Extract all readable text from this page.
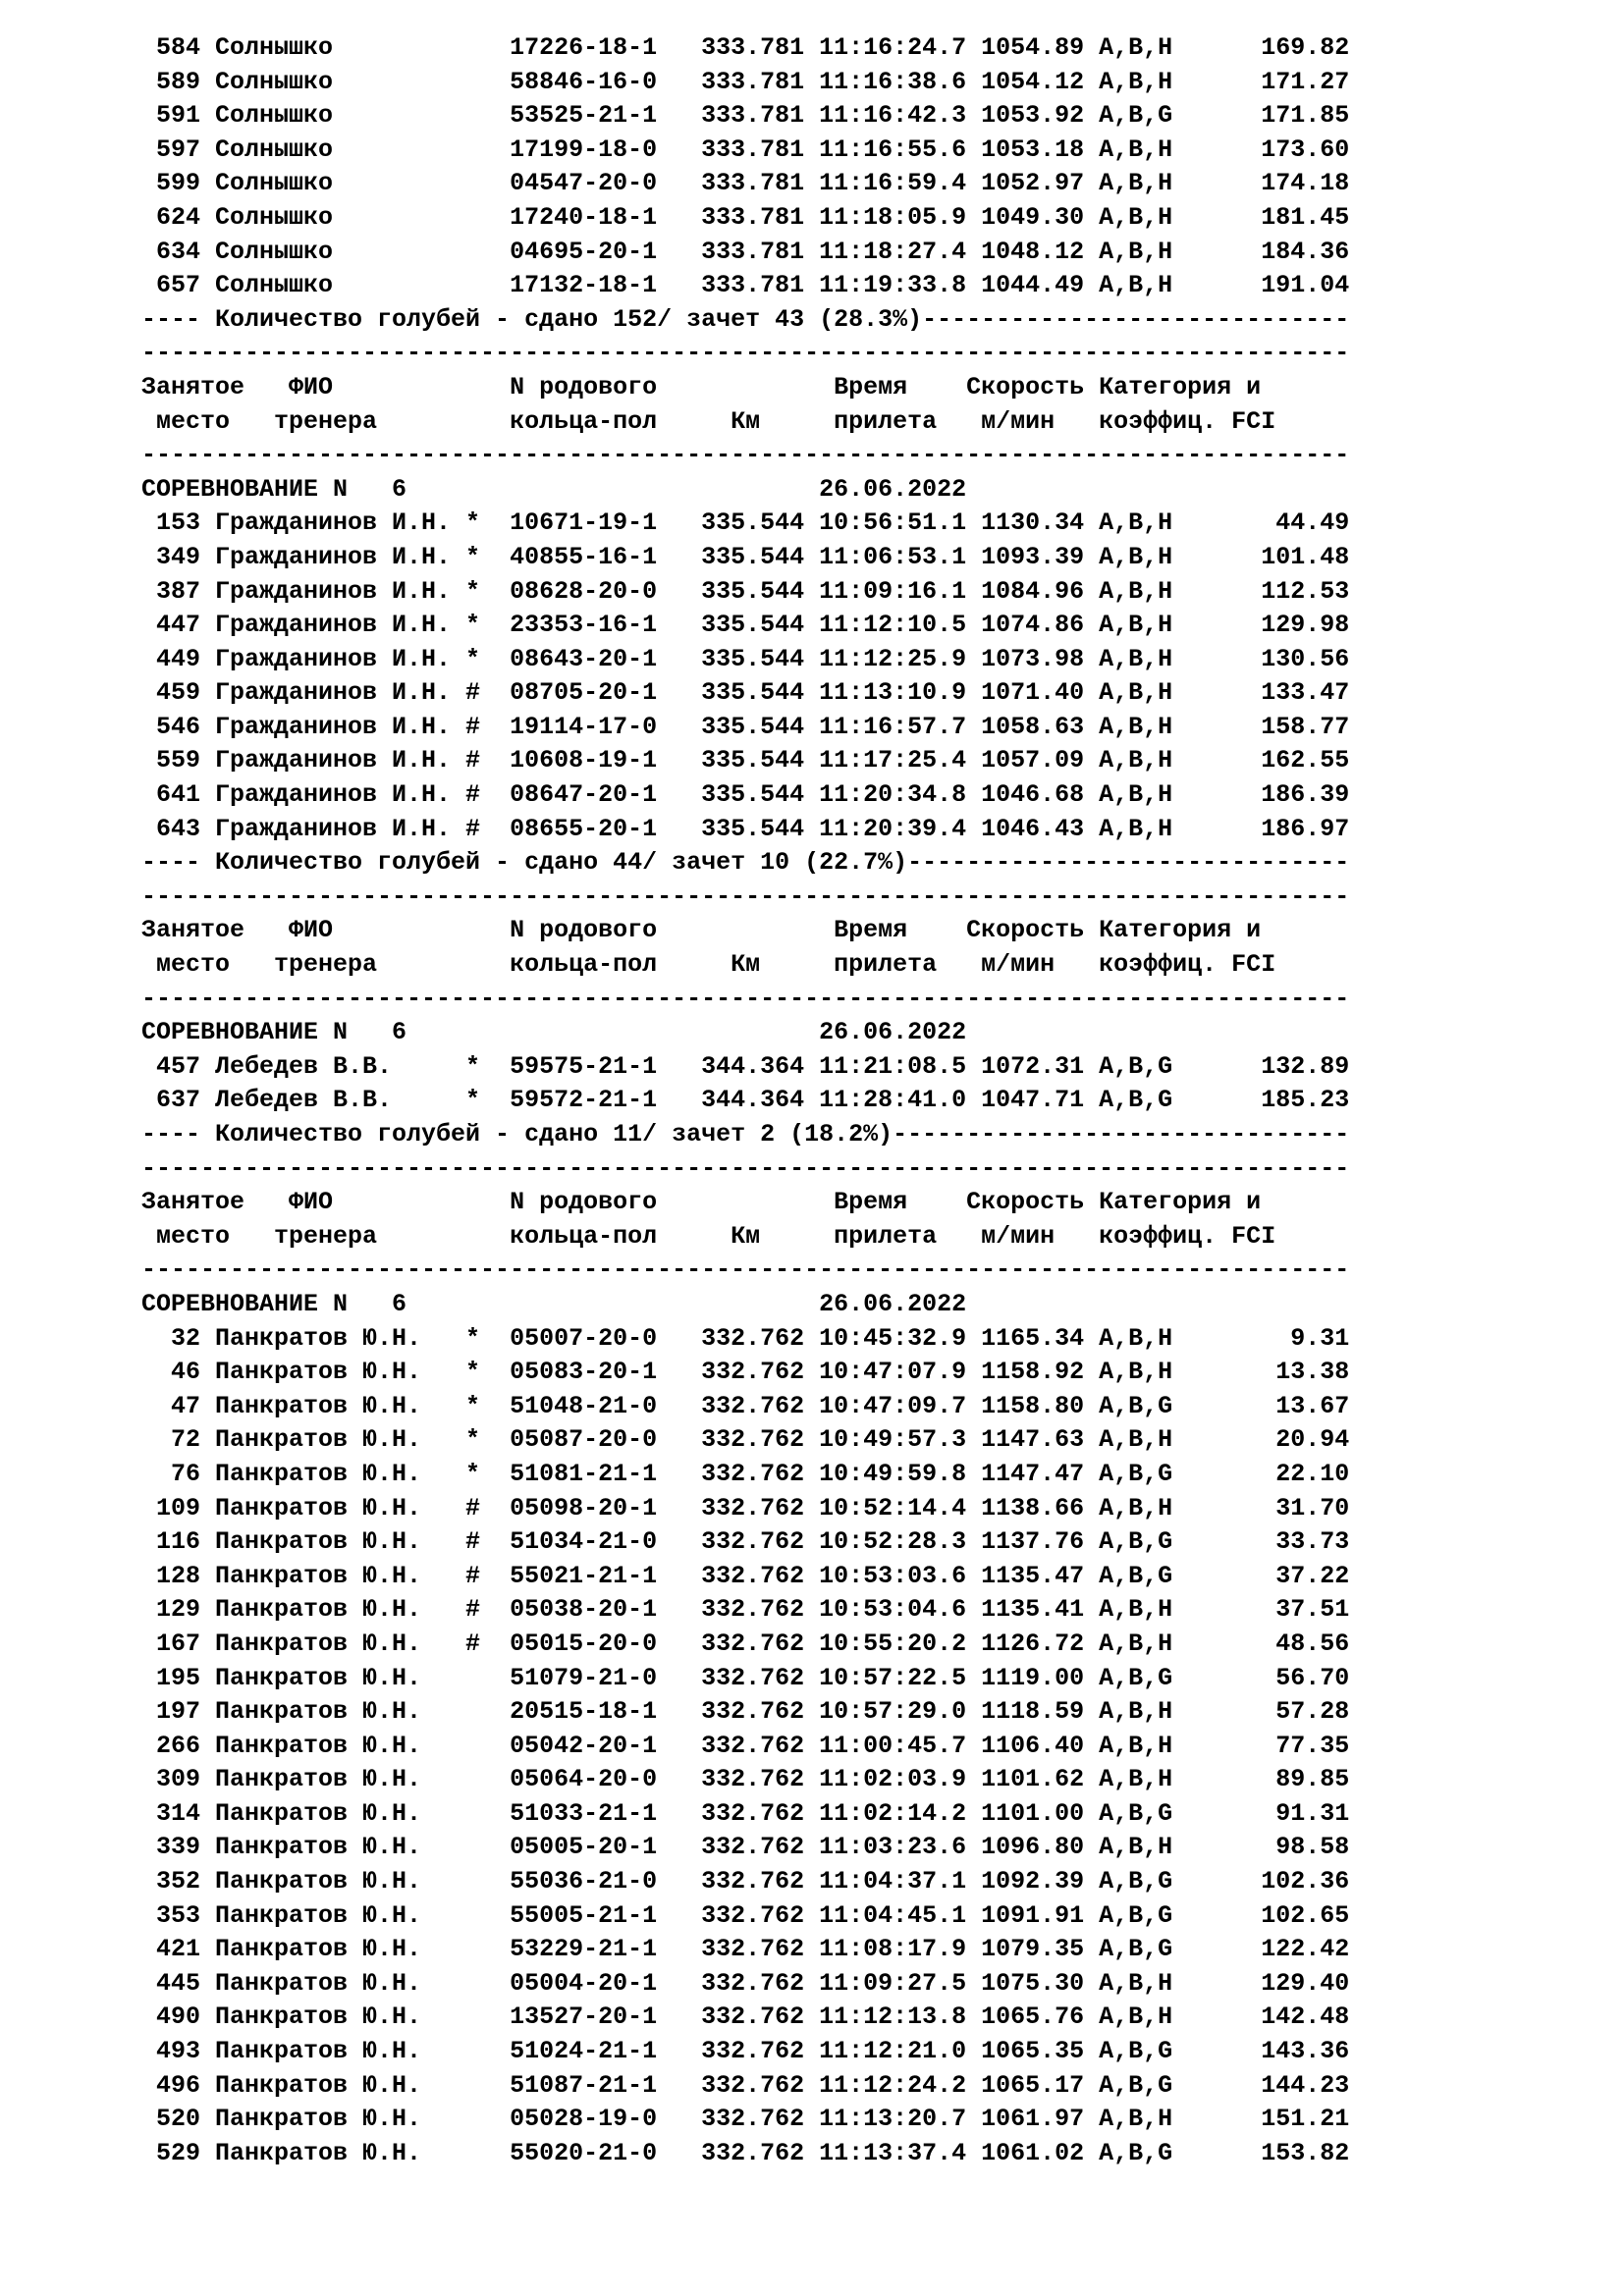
584 Солнышко            17226-18-1   333.781 11:16:24.7 1054.89 A,B,H      169.82
589 Солнышко            58846-16-0   333.781 11:16:38.6 1054.12 A,B,H      171.27
591 Солнышко            53525-21-1   333.781 11:16:42.3 1053.92 A,B,G      171.85
597 Солнышко            17199-18-0   333.781 11:16:55.6 1053.18 A,B,H      173.60
599 Солнышко            04547-20-0   333.781 11:16:59.4 1052.97 A,B,H      174.18
624 Солнышко            17240-18-1   333.781 11:18:05.9 1049.30 A,B,H      181.45
634 Солнышко            04695-20-1   333.781 11:18:27.4 1048.12 A,B,H      184.36
657 Солнышко            17132-18-1   333.781 11:19:33.8 1044.49 A,B,H      191.04
---- Количество голубей - сдано 152/ зачет 43 (28.3%)-----------------------------
----------------------------------------------------------------------------------
Занятое   ФИО            N родового            Время    Скорость Категория и
место   тренера         кольца-пол     Км     прилета   м/мин   коэффиц. FCI
----------------------------------------------------------------------------------
СОРЕВНОВАНИЕ N   6                            26.06.2022
153 Гражданинов И.Н. *  10671-19-1   335.544 10:56:51.1 1130.34 A,B,H       44.49
349 Гражданинов И.Н. *  40855-16-1   335.544 11:06:53.1 1093.39 A,B,H      101.48
387 Гражданинов И.Н. *  08628-20-0   335.544 11:09:16.1 1084.96 A,B,H      112.53
447 Гражданинов И.Н. *  23353-16-1   335.544 11:12:10.5 1074.86 A,B,H      129.98
449 Гражданинов И.Н. *  08643-20-1   335.544 11:12:25.9 1073.98 A,B,H      130.56
459 Гражданинов И.Н. #  08705-20-1   335.544 11:13:10.9 1071.40 A,B,H      133.47
546 Гражданинов И.Н. #  19114-17-0   335.544 11:16:57.7 1058.63 A,B,H      158.77
559 Гражданинов И.Н. #  10608-19-1   335.544 11:17:25.4 1057.09 A,B,H      162.55
641 Гражданинов И.Н. #  08647-20-1   335.544 11:20:34.8 1046.68 A,B,H      186.39
643 Гражданинов И.Н. #  08655-20-1   335.544 11:20:39.4 1046.43 A,B,H      186.97
---- Количество голубей - сдано 44/ зачет 10 (22.7%)------------------------------
----------------------------------------------------------------------------------
Занятое   ФИО            N родового            Время    Скорость Категория и
место   тренера         кольца-пол     Км     прилета   м/мин   коэффиц. FCI
----------------------------------------------------------------------------------
СОРЕВНОВАНИЕ N   6                            26.06.2022
457 Лебедев В.В.     *  59575-21-1   344.364 11:21:08.5 1072.31 A,B,G      132.89
637 Лебедев В.В.     *  59572-21-1   344.364 11:28:41.0 1047.71 A,B,G      185.23
---- Количество голубей - сдано 11/ зачет 2 (18.2%)-------------------------------
----------------------------------------------------------------------------------
Занятое   ФИО            N родового            Время    Скорость Категория и
место   тренера         кольца-пол     Км     прилета   м/мин   коэффиц. FCI
----------------------------------------------------------------------------------
СОРЕВНОВАНИЕ N   6                            26.06.2022
32 Панкратов Ю.Н.   *  05007-20-0   332.762 10:45:32.9 1165.34 A,B,H        9.31
46 Панкратов Ю.Н.   *  05083-20-1   332.762 10:47:07.9 1158.92 A,B,H       13.38
47 Панкратов Ю.Н.   *  51048-21-0   332.762 10:47:09.7 1158.80 A,B,G       13.67
72 Панкратов Ю.Н.   *  05087-20-0   332.762 10:49:57.3 1147.63 A,B,H       20.94
76 Панкратов Ю.Н.   *  51081-21-1   332.762 10:49:59.8 1147.47 A,B,G       22.10
109 Панкратов Ю.Н.   #  05098-20-1   332.762 10:52:14.4 1138.66 A,B,H       31.70
116 Панкратов Ю.Н.   #  51034-21-0   332.762 10:52:28.3 1137.76 A,B,G       33.73
128 Панкратов Ю.Н.   #  55021-21-1   332.762 10:53:03.6 1135.47 A,B,G       37.22
129 Панкратов Ю.Н.   #  05038-20-1   332.762 10:53:04.6 1135.41 A,B,H       37.51
167 Панкратов Ю.Н.   #  05015-20-0   332.762 10:55:20.2 1126.72 A,B,H       48.56
195 Панкратов Ю.Н.      51079-21-0   332.762 10:57:22.5 1119.00 A,B,G       56.70
197 Панкратов Ю.Н.      20515-18-1   332.762 10:57:29.0 1118.59 A,B,H       57.28
266 Панкратов Ю.Н.      05042-20-1   332.762 11:00:45.7 1106.40 A,B,H       77.35
309 Панкратов Ю.Н.      05064-20-0   332.762 11:02:03.9 1101.62 A,B,H       89.85
314 Панкратов Ю.Н.      51033-21-1   332.762 11:02:14.2 1101.00 A,B,G       91.31
339 Панкратов Ю.Н.      05005-20-1   332.762 11:03:23.6 1096.80 A,B,H       98.58
352 Панкратов Ю.Н.      55036-21-0   332.762 11:04:37.1 1092.39 A,B,G      102.36
353 Панкратов Ю.Н.      55005-21-1   332.762 11:04:45.1 1091.91 A,B,G      102.65
421 Панкратов Ю.Н.      53229-21-1   332.762 11:08:17.9 1079.35 A,B,G      122.42
445 Панкратов Ю.Н.      05004-20-1   332.762 11:09:27.5 1075.30 A,B,H      129.40
490 Панкратов Ю.Н.      13527-20-1   332.762 11:12:13.8 1065.76 A,B,H      142.48
493 Панкратов Ю.Н.      51024-21-1   332.762 11:12:21.0 1065.35 A,B,G      143.36
496 Панкратов Ю.Н.      51087-21-1   332.762 11:12:24.2 1065.17 A,B,G      144.23
520 Панкратов Ю.Н.      05028-19-0   332.762 11:13:20.7 1061.97 A,B,H      151.21
529 Панкратов Ю.Н.      55020-21-0   332.762 11:13:37.4 1061.02 A,B,G      153.82
